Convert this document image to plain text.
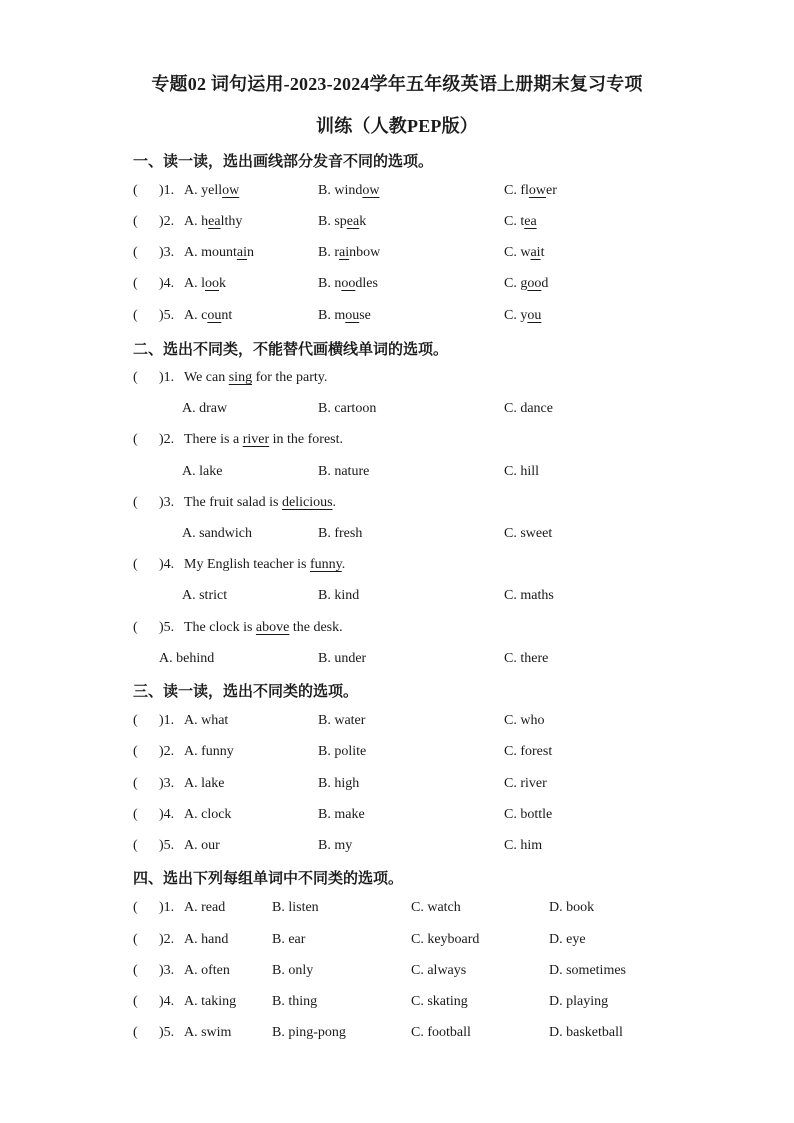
专题02 词句运用-2023-2024学年五年级英语上册期末复习专项
训练（人教PEP版）
一、读一读，选出画线部分发音不同的选项。
( )1. A. yellow	B. window	C. flower
( )2. A. healthy	B. speak	C. tea
( )3. A. mountain	B. rainbow	C. wait
( )4. A. look	B. noodles	C. good
( )5. A. count	B. mouse	C. you
二、选出不同类，不能替代画横线单词的选项。
( )1. We can sing for the party.
A. draw	B. cartoon	C. dance
( )2. There is a river in the forest.
A. lake	B. nature	C. hill
( )3. The fruit salad is delicious.
A. sandwich	B. fresh	C. sweet
( )4. My English teacher is funny.
A. strict	B. kind	C. maths
( )5. The clock is above the desk.
A. behind	B. under	C. there
三、读一读，选出不同类的选项。
( )1. A. what	B. water	C. who
( )2. A. funny	B. polite	C. forest
( )3. A. lake	B. high	C. river
( )4. A. clock	B. make	C. bottle
( )5. A. our	B. my	C. him
四、选出下列每组单词中不同类的选项。
( )1. A. read	B. listen	C. watch	D. book
( )2. A. hand	B. ear	C. keyboard	D. eye
( )3. A. often	B. only	C. always	D. sometimes
( )4. A. taking	B. thing	C. skating	D. playing
( )5. A. swim	B. ping-pong	C. football	D. basketball
